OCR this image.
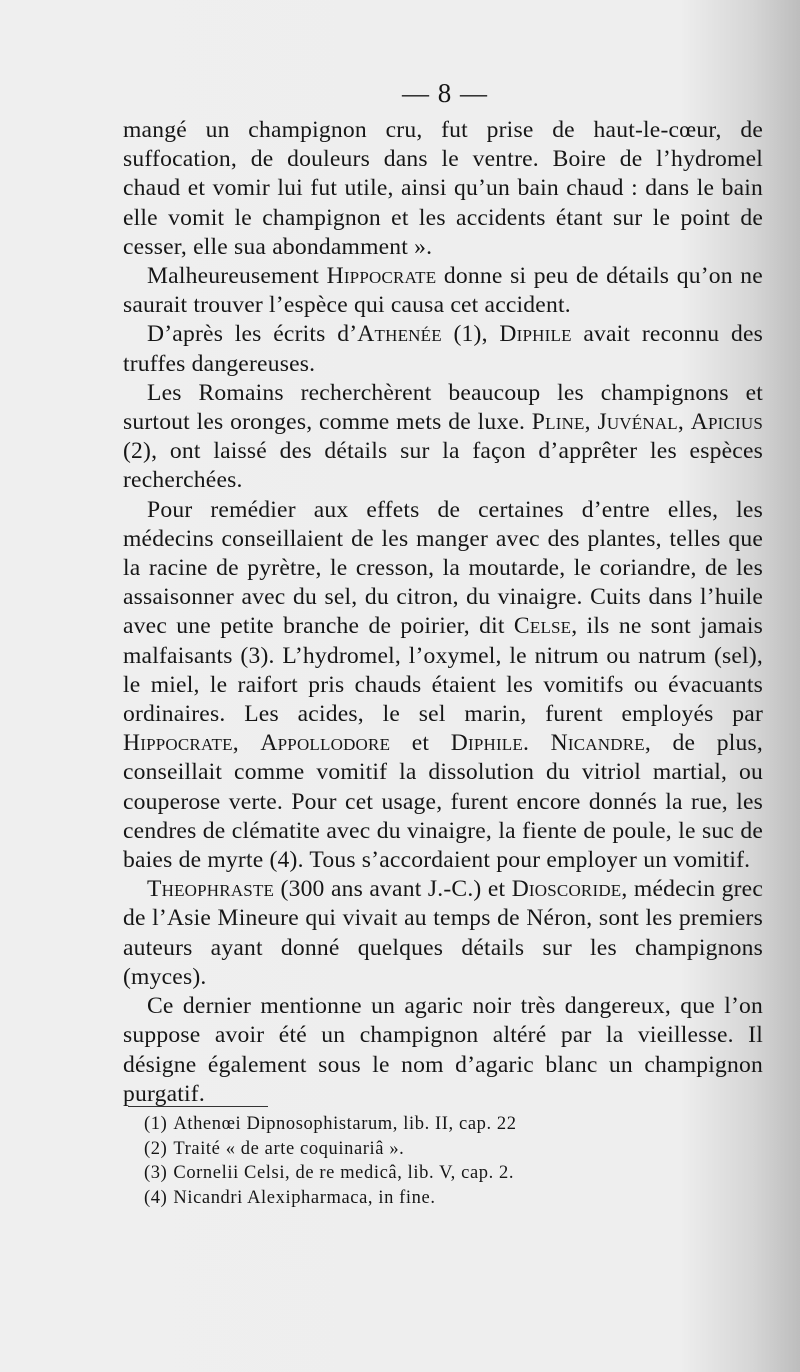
— 8 —

mangé un champignon cru, fut prise de haut-le-cœur, de suffocation, de douleurs dans le ventre. Boire de l’hydromel chaud et vomir lui fut utile, ainsi qu’un bain chaud : dans le bain elle vomit le champignon et les accidents étant sur le point de cesser, elle sua abondamment ».

Malheureusement Hippocrate donne si peu de détails qu’on ne saurait trouver l’espèce qui causa cet accident.

D’après les écrits d’Athenée (1), Diphile avait reconnu des truffes dangereuses.

Les Romains recherchèrent beaucoup les champignons et surtout les oronges, comme mets de luxe. Pline, Juvénal, Apicius (2), ont laissé des détails sur la façon d’apprêter les espèces recherchées.

Pour remédier aux effets de certaines d’entre elles, les médecins conseillaient de les manger avec des plantes, telles que la racine de pyrètre, le cresson, la moutarde, le coriandre, de les assaisonner avec du sel, du citron, du vinaigre. Cuits dans l’huile avec une petite branche de poirier, dit Celse, ils ne sont jamais malfaisants (3). L’hydromel, l’oxymel, le nitrum ou natrum (sel), le miel, le raifort pris chauds étaient les vomitifs ou évacuants ordinaires. Les acides, le sel marin, furent employés par Hippocrate, Appollodore et Diphile. Nicandre, de plus, conseillait comme vomitif la dissolution du vitriol martial, ou couperose verte. Pour cet usage, furent encore donnés la rue, les cendres de clématite avec du vinaigre, la fiente de poule, le suc de baies de myrte (4). Tous s’accordaient pour employer un vomitif.

Theophraste (300 ans avant J.-C.) et Dioscoride, médecin grec de l’Asie Mineure qui vivait au temps de Néron, sont les premiers auteurs ayant donné quelques détails sur les champignons (myces).

Ce dernier mentionne un agaric noir très dangereux, que l’on suppose avoir été un champignon altéré par la vieillesse. Il désigne également sous le nom d’agaric blanc un champignon purgatif.

(1) Athenœi Dipnosophistarum, lib. II, cap. 22
(2) Traité « de arte coquinariâ ».
(3) Cornelii Celsi, de re medicâ, lib. V, cap. 2.
(4) Nicandri Alexipharmaca, in fine.
